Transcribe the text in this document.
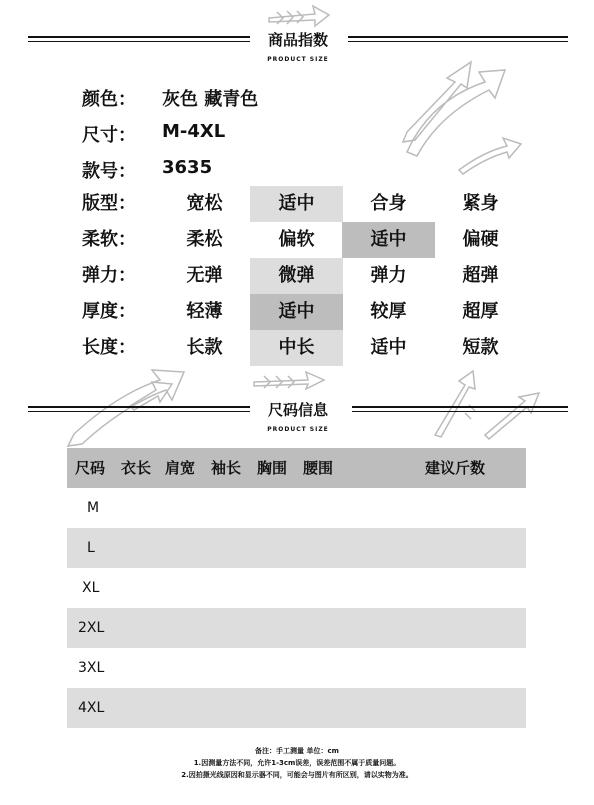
商品指数
PRODUCT SIZE
颜色： 灰色 藏青色
尺寸： M-4XL
款号： 3635
版型：	宽松	适中	合身	紧身
柔软：	柔松	偏软	适中	偏硬
弹力：	无弹	微弹	弹力	超弹
厚度：	轻薄	适中	较厚	超厚
长度：	长款	中长	适中	短款
尺码信息
PRODUCT SIZE
尺码 衣长 肩宽 袖长 胸围 腰围	建议斤数
M
L
XL
2XL
3XL
4XL
备注：手工测量 单位：cm
1.因测量方法不同，允许1-3cm误差，误差范围不属于质量问题。
2.因拍摄光线原因和显示器不同，可能会与图片有所区别，请以实物为准。
